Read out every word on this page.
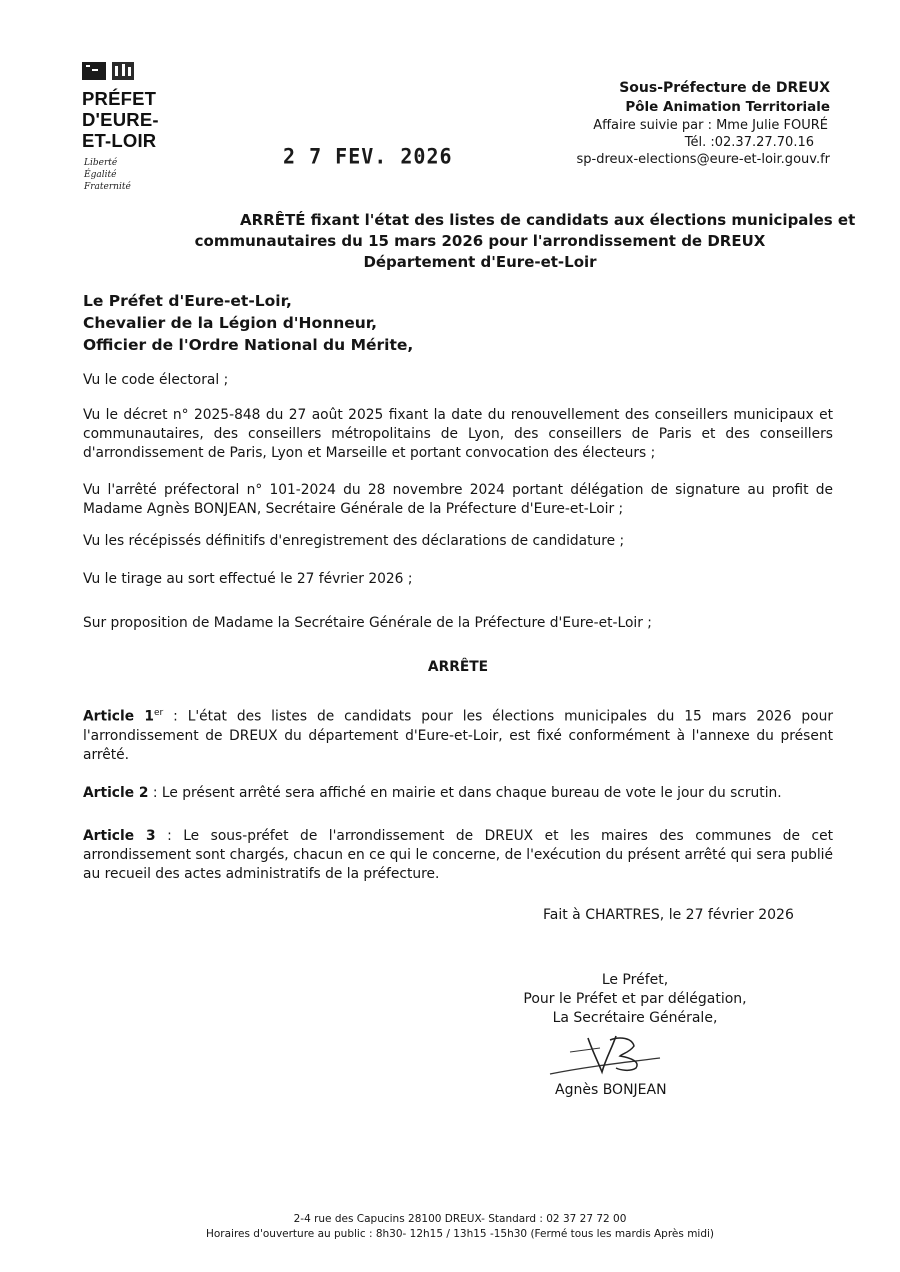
PRÉFET
D'EURE-
ET-LOIR
Liberté
Égalité
Fraternité
2 7 FEV. 2026
Sous-Préfecture de DREUX
Pôle Animation Territoriale
Affaire suivie par : Mme Julie FOURÉ
Tél. :02.37.27.70.16
sp-dreux-elections@eure-et-loir.gouv.fr
ARRÊTÉ fixant l'état des listes de candidats aux élections municipales et
communautaires du 15 mars 2026 pour l'arrondissement de DREUX
Département d'Eure-et-Loir
Le Préfet d'Eure-et-Loir,
Chevalier de la Légion d'Honneur,
Officier de l'Ordre National du Mérite,
Vu le code électoral ;
Vu le décret n° 2025-848 du 27 août 2025 fixant la date du renouvellement des conseillers municipaux et communautaires, des conseillers métropolitains de Lyon, des conseillers de Paris et des conseillers d'arrondissement de Paris, Lyon et Marseille et portant convocation des électeurs ;
Vu l'arrêté préfectoral n° 101-2024 du 28 novembre 2024 portant délégation de signature au profit de Madame Agnès BONJEAN, Secrétaire Générale de la Préfecture d'Eure-et-Loir ;
Vu les récépissés définitifs d'enregistrement des déclarations de candidature ;
Vu le tirage au sort effectué le 27 février 2026 ;
Sur proposition de Madame la Secrétaire Générale de la Préfecture d'Eure-et-Loir ;
ARRÊTE
Article 1er : L'état des listes de candidats pour les élections municipales du 15 mars 2026 pour l'arrondissement de DREUX du département d'Eure-et-Loir, est fixé conformément à l'annexe du présent arrêté.
Article 2 : Le présent arrêté sera affiché en mairie et dans chaque bureau de vote le jour du scrutin.
Article 3 : Le sous-préfet de l'arrondissement de DREUX et les maires des communes de cet arrondissement sont chargés, chacun en ce qui le concerne, de l'exécution du présent arrêté qui sera publié au recueil des actes administratifs de la préfecture.
Fait à CHARTRES, le 27 février 2026
Le Préfet,
Pour le Préfet et par délégation,
La Secrétaire Générale,
Agnès BONJEAN
2-4 rue des Capucins 28100 DREUX- Standard : 02 37 27 72 00
Horaires d'ouverture au public : 8h30- 12h15 / 13h15 -15h30 (Fermé tous les mardis Après midi)
